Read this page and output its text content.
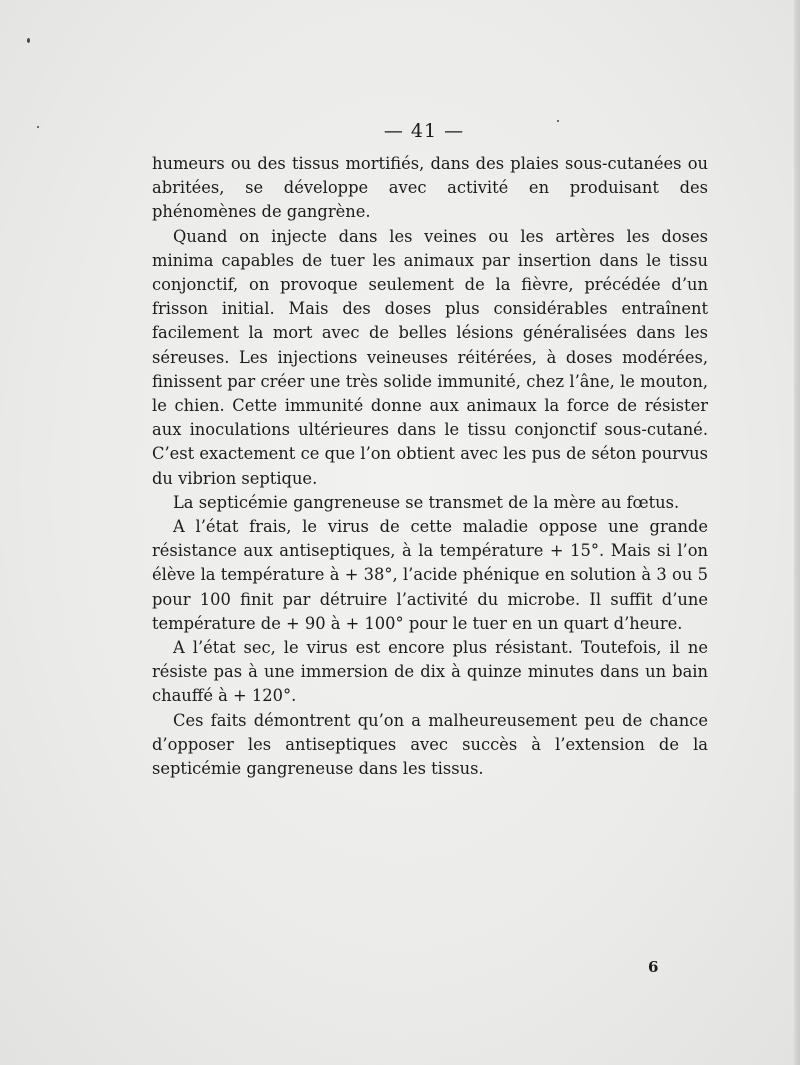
— 41 —

humeurs ou des tissus mortifiés, dans des plaies sous-cutanées ou abritées, se développe avec activité en produisant des phénomènes de gangrène.

Quand on injecte dans les veines ou les artères les doses minima capables de tuer les animaux par insertion dans le tissu conjonctif, on provoque seulement de la fièvre, précédée d’un frisson initial. Mais des doses plus considérables entraînent facilement la mort avec de belles lésions généralisées dans les séreuses. Les injections veineuses réitérées, à doses modérées, finissent par créer une très solide immunité, chez l’âne, le mouton, le chien. Cette immunité donne aux animaux la force de résister aux inoculations ultérieures dans le tissu conjonctif sous-cutané. C’est exactement ce que l’on obtient avec les pus de séton pourvus du vibrion septique.

La septicémie gangreneuse se transmet de la mère au fœtus.

A l’état frais, le virus de cette maladie oppose une grande résistance aux antiseptiques, à la température + 15°. Mais si l’on élève la température à + 38°, l’acide phénique en solution à 3 ou 5 pour 100 finit par détruire l’activité du microbe. Il suffit d’une température de + 90 à + 100° pour le tuer en un quart d’heure.

A l’état sec, le virus est encore plus résistant. Toutefois, il ne résiste pas à une immersion de dix à quinze minutes dans un bain chauffé à + 120°.

Ces faits démontrent qu’on a malheureusement peu de chance d’opposer les antiseptiques avec succès à l’extension de la septicémie gangreneuse dans les tissus.

6
